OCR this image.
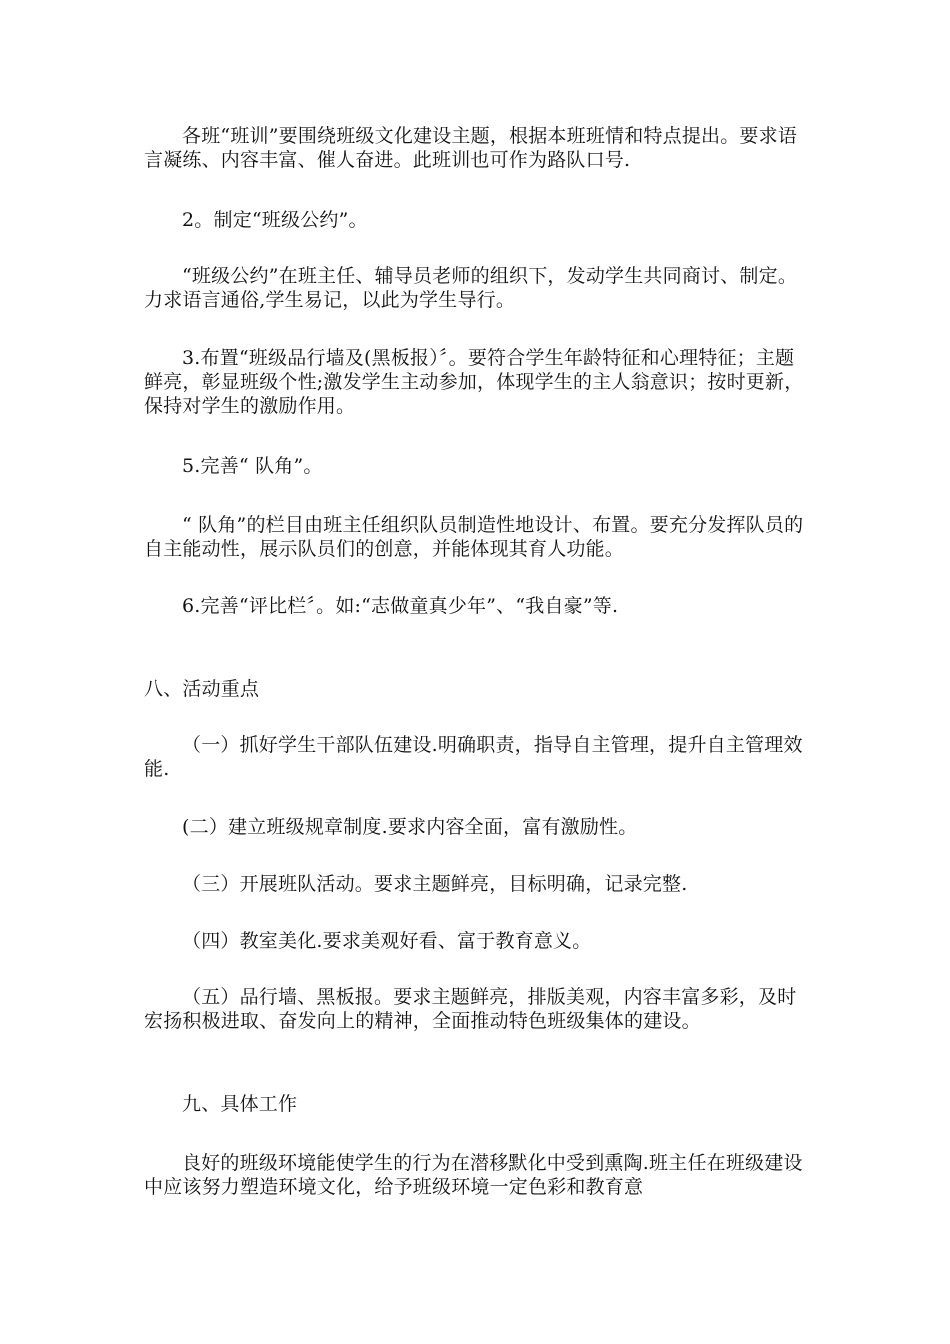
各班“班训”要围绕班级文化建设主题，根据本班班情和特点提出。要求语言凝练、内容丰富、催人奋进。此班训也可作为路队口号.

2。制定“班级公约”。

“班级公约”在班主任、辅导员老师的组织下，发动学生共同商讨、制定。力求语言通俗,学生易记，以此为学生导行。

3.布置“班级品行墙及(黑板报）〞。要符合学生年龄特征和心理特征；主题鲜亮，彰显班级个性;激发学生主动参加，体现学生的主人翁意识；按时更新，保持对学生的激励作用。

5.完善“ 队角”。

“ 队角”的栏目由班主任组织队员制造性地设计、布置。要充分发挥队员的自主能动性，展示队员们的创意，并能体现其育人功能。

6.完善“评比栏〞。如:“志做童真少年”、“我自豪”等.

八、活动重点

（一）抓好学生干部队伍建设.明确职责，指导自主管理，提升自主管理效能.

(二）建立班级规章制度.要求内容全面，富有激励性。

（三）开展班队活动。要求主题鲜亮，目标明确，记录完整.

（四）教室美化.要求美观好看、富于教育意义。

（五）品行墙、黑板报。要求主题鲜亮，排版美观，内容丰富多彩，及时宏扬积极进取、奋发向上的精神，全面推动特色班级集体的建设。

九、具体工作

良好的班级环境能使学生的行为在潜移默化中受到熏陶.班主任在班级建设中应该努力塑造环境文化，给予班级环境一定色彩和教育意
